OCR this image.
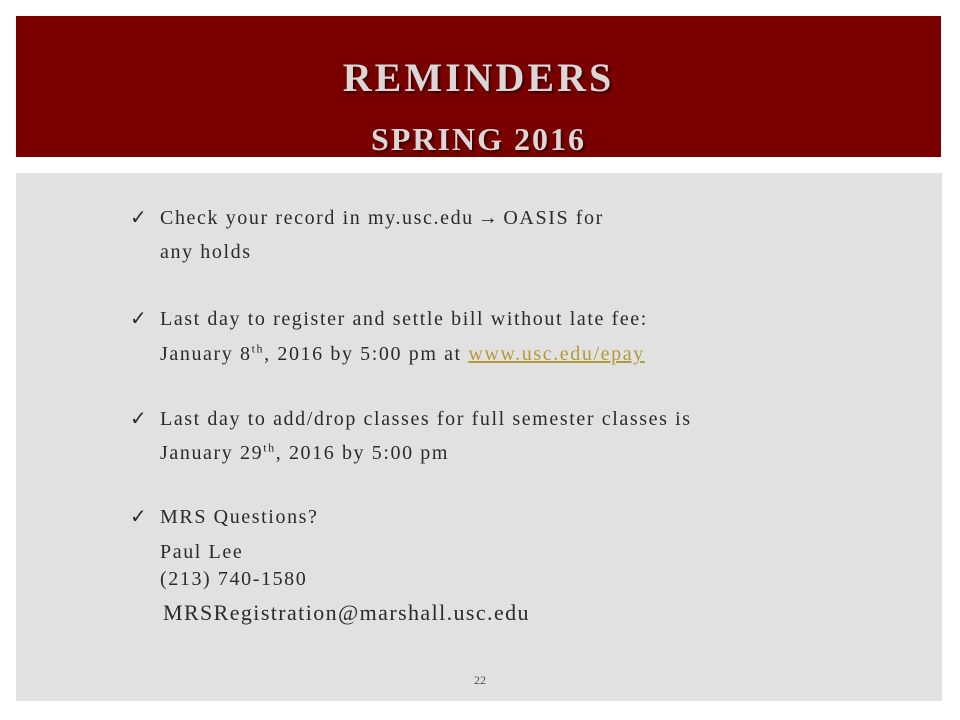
REMINDERS
SPRING 2016
✓ Check your record in my.usc.edu → OASIS for
any holds
✓ Last day to register and settle bill without late fee:
January 8th, 2016 by 5:00 pm at www.usc.edu/epay
✓ Last day to add/drop classes for full semester classes is
January 29th, 2016 by 5:00 pm
✓ MRS Questions?
Paul Lee
(213) 740-1580
MRSRegistration@marshall.usc.edu
22
